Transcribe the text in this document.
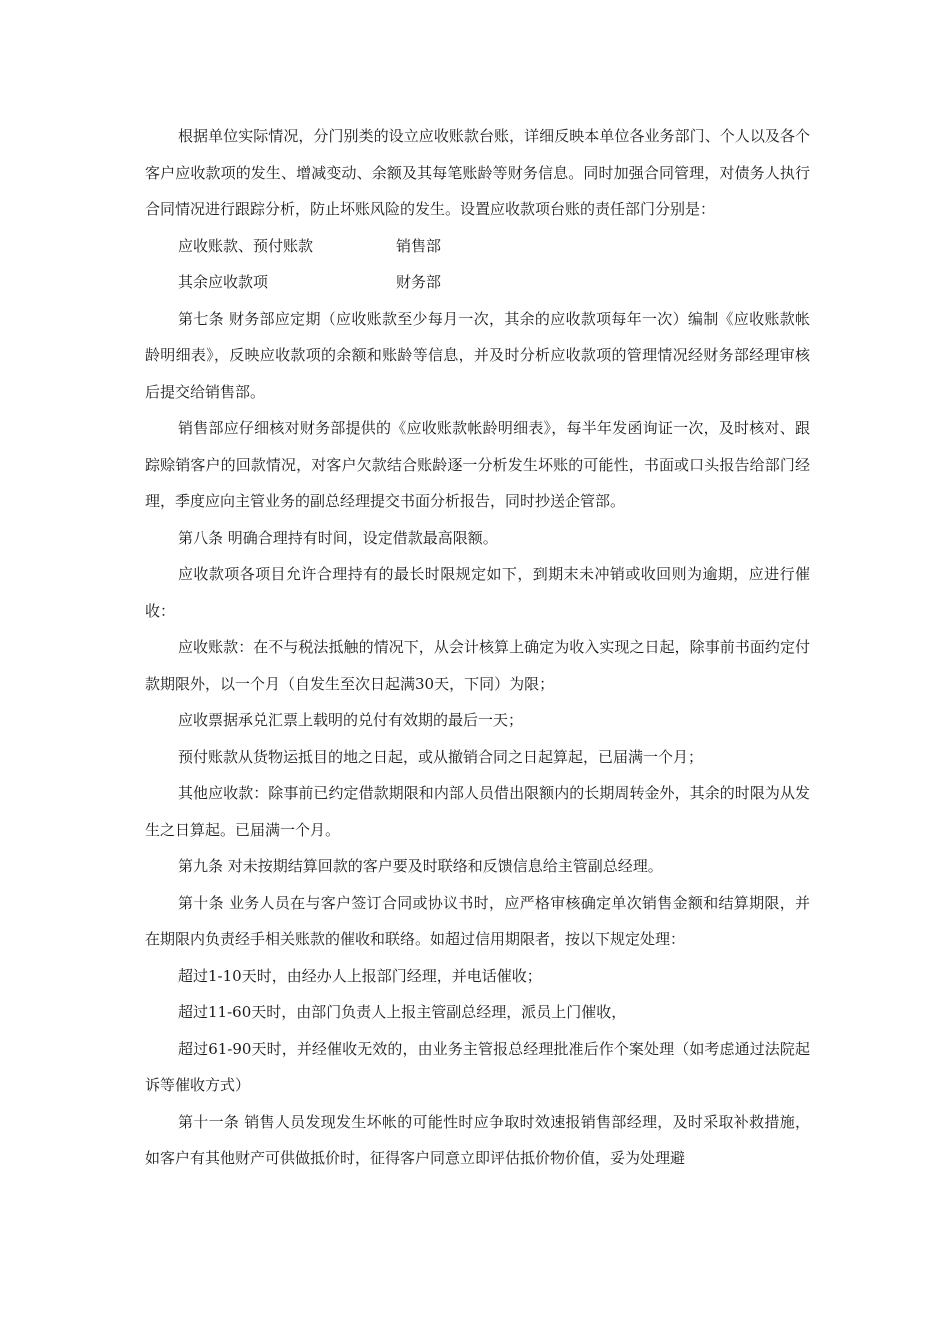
根据单位实际情况，分门别类的设立应收账款台账，详细反映本单位各业务部门、个人以及各个客户应收款项的发生、增减变动、余额及其每笔账龄等财务信息。同时加强合同管理，对债务人执行合同情况进行跟踪分析，防止坏账风险的发生。设置应收款项台账的责任部门分别是：

应收账款、预付账款	销售部
其余应收款项	财务部

第七条 财务部应定期（应收账款至少每月一次，其余的应收款项每年一次）编制《应收账款帐龄明细表》，反映应收款项的余额和账龄等信息，并及时分析应收款项的管理情况经财务部经理审核后提交给销售部。

销售部应仔细核对财务部提供的《应收账款帐龄明细表》，每半年发函询证一次，及时核对、跟踪赊销客户的回款情况，对客户欠款结合账龄逐一分析发生坏账的可能性，书面或口头报告给部门经理，季度应向主管业务的副总经理提交书面分析报告，同时抄送企管部。

第八条 明确合理持有时间，设定借款最高限额。

应收款项各项目允许合理持有的最长时限规定如下，到期末未冲销或收回则为逾期，应进行催收：

应收账款：在不与税法抵触的情况下，从会计核算上确定为收入实现之日起，除事前书面约定付款期限外，以一个月（自发生至次日起满30天，下同）为限；

应收票据承兑汇票上载明的兑付有效期的最后一天；

预付账款从货物运抵目的地之日起，或从撤销合同之日起算起，已届满一个月；

其他应收款：除事前已约定借款期限和内部人员借出限额内的长期周转金外，其余的时限为从发生之日算起。已届满一个月。

第九条 对未按期结算回款的客户要及时联络和反馈信息给主管副总经理。

第十条 业务人员在与客户签订合同或协议书时，应严格审核确定单次销售金额和结算期限，并在期限内负责经手相关账款的催收和联络。如超过信用期限者，按以下规定处理：

超过1-10天时，由经办人上报部门经理，并电话催收；

超过11-60天时，由部门负责人上报主管副总经理，派员上门催收，

超过61-90天时，并经催收无效的，由业务主管报总经理批准后作个案处理（如考虑通过法院起诉等催收方式）

第十一条 销售人员发现发生坏帐的可能性时应争取时效速报销售部经理，及时采取补救措施，如客户有其他财产可供做抵价时，征得客户同意立即评估抵价物价值，妥为处理避
